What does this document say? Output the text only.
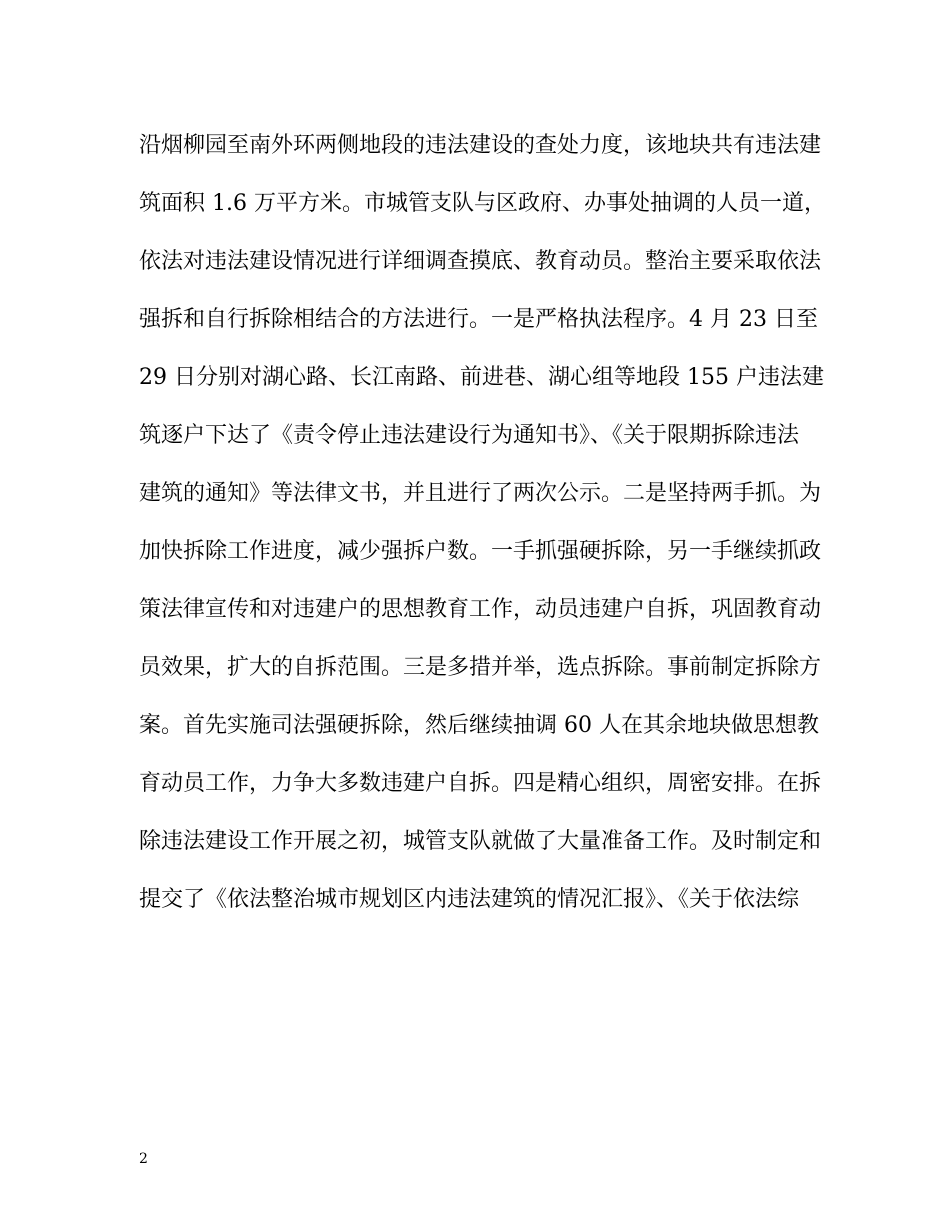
沿烟柳园至南外环两侧地段的违法建设的查处力度，该地块共有违法建
筑面积 1.6 万平方米。市城管支队与区政府、办事处抽调的人员一道，
依法对违法建设情况进行详细调查摸底、教育动员。整治主要采取依法
强拆和自行拆除相结合的方法进行。一是严格执法程序。4 月 23 日至
29 日分别对湖心路、长江南路、前进巷、湖心组等地段 155 户违法建
筑逐户下达了《责令停止违法建设行为通知书》、《关于限期拆除违法
建筑的通知》等法律文书，并且进行了两次公示。二是坚持两手抓。为
加快拆除工作进度，减少强拆户数。一手抓强硬拆除，另一手继续抓政
策法律宣传和对违建户的思想教育工作，动员违建户自拆，巩固教育动
员效果，扩大的自拆范围。三是多措并举，选点拆除。事前制定拆除方
案。首先实施司法强硬拆除，然后继续抽调 60 人在其余地块做思想教
育动员工作，力争大多数违建户自拆。四是精心组织，周密安排。在拆
除违法建设工作开展之初，城管支队就做了大量准备工作。及时制定和
提交了《依法整治城市规划区内违法建筑的情况汇报》、《关于依法综
2
